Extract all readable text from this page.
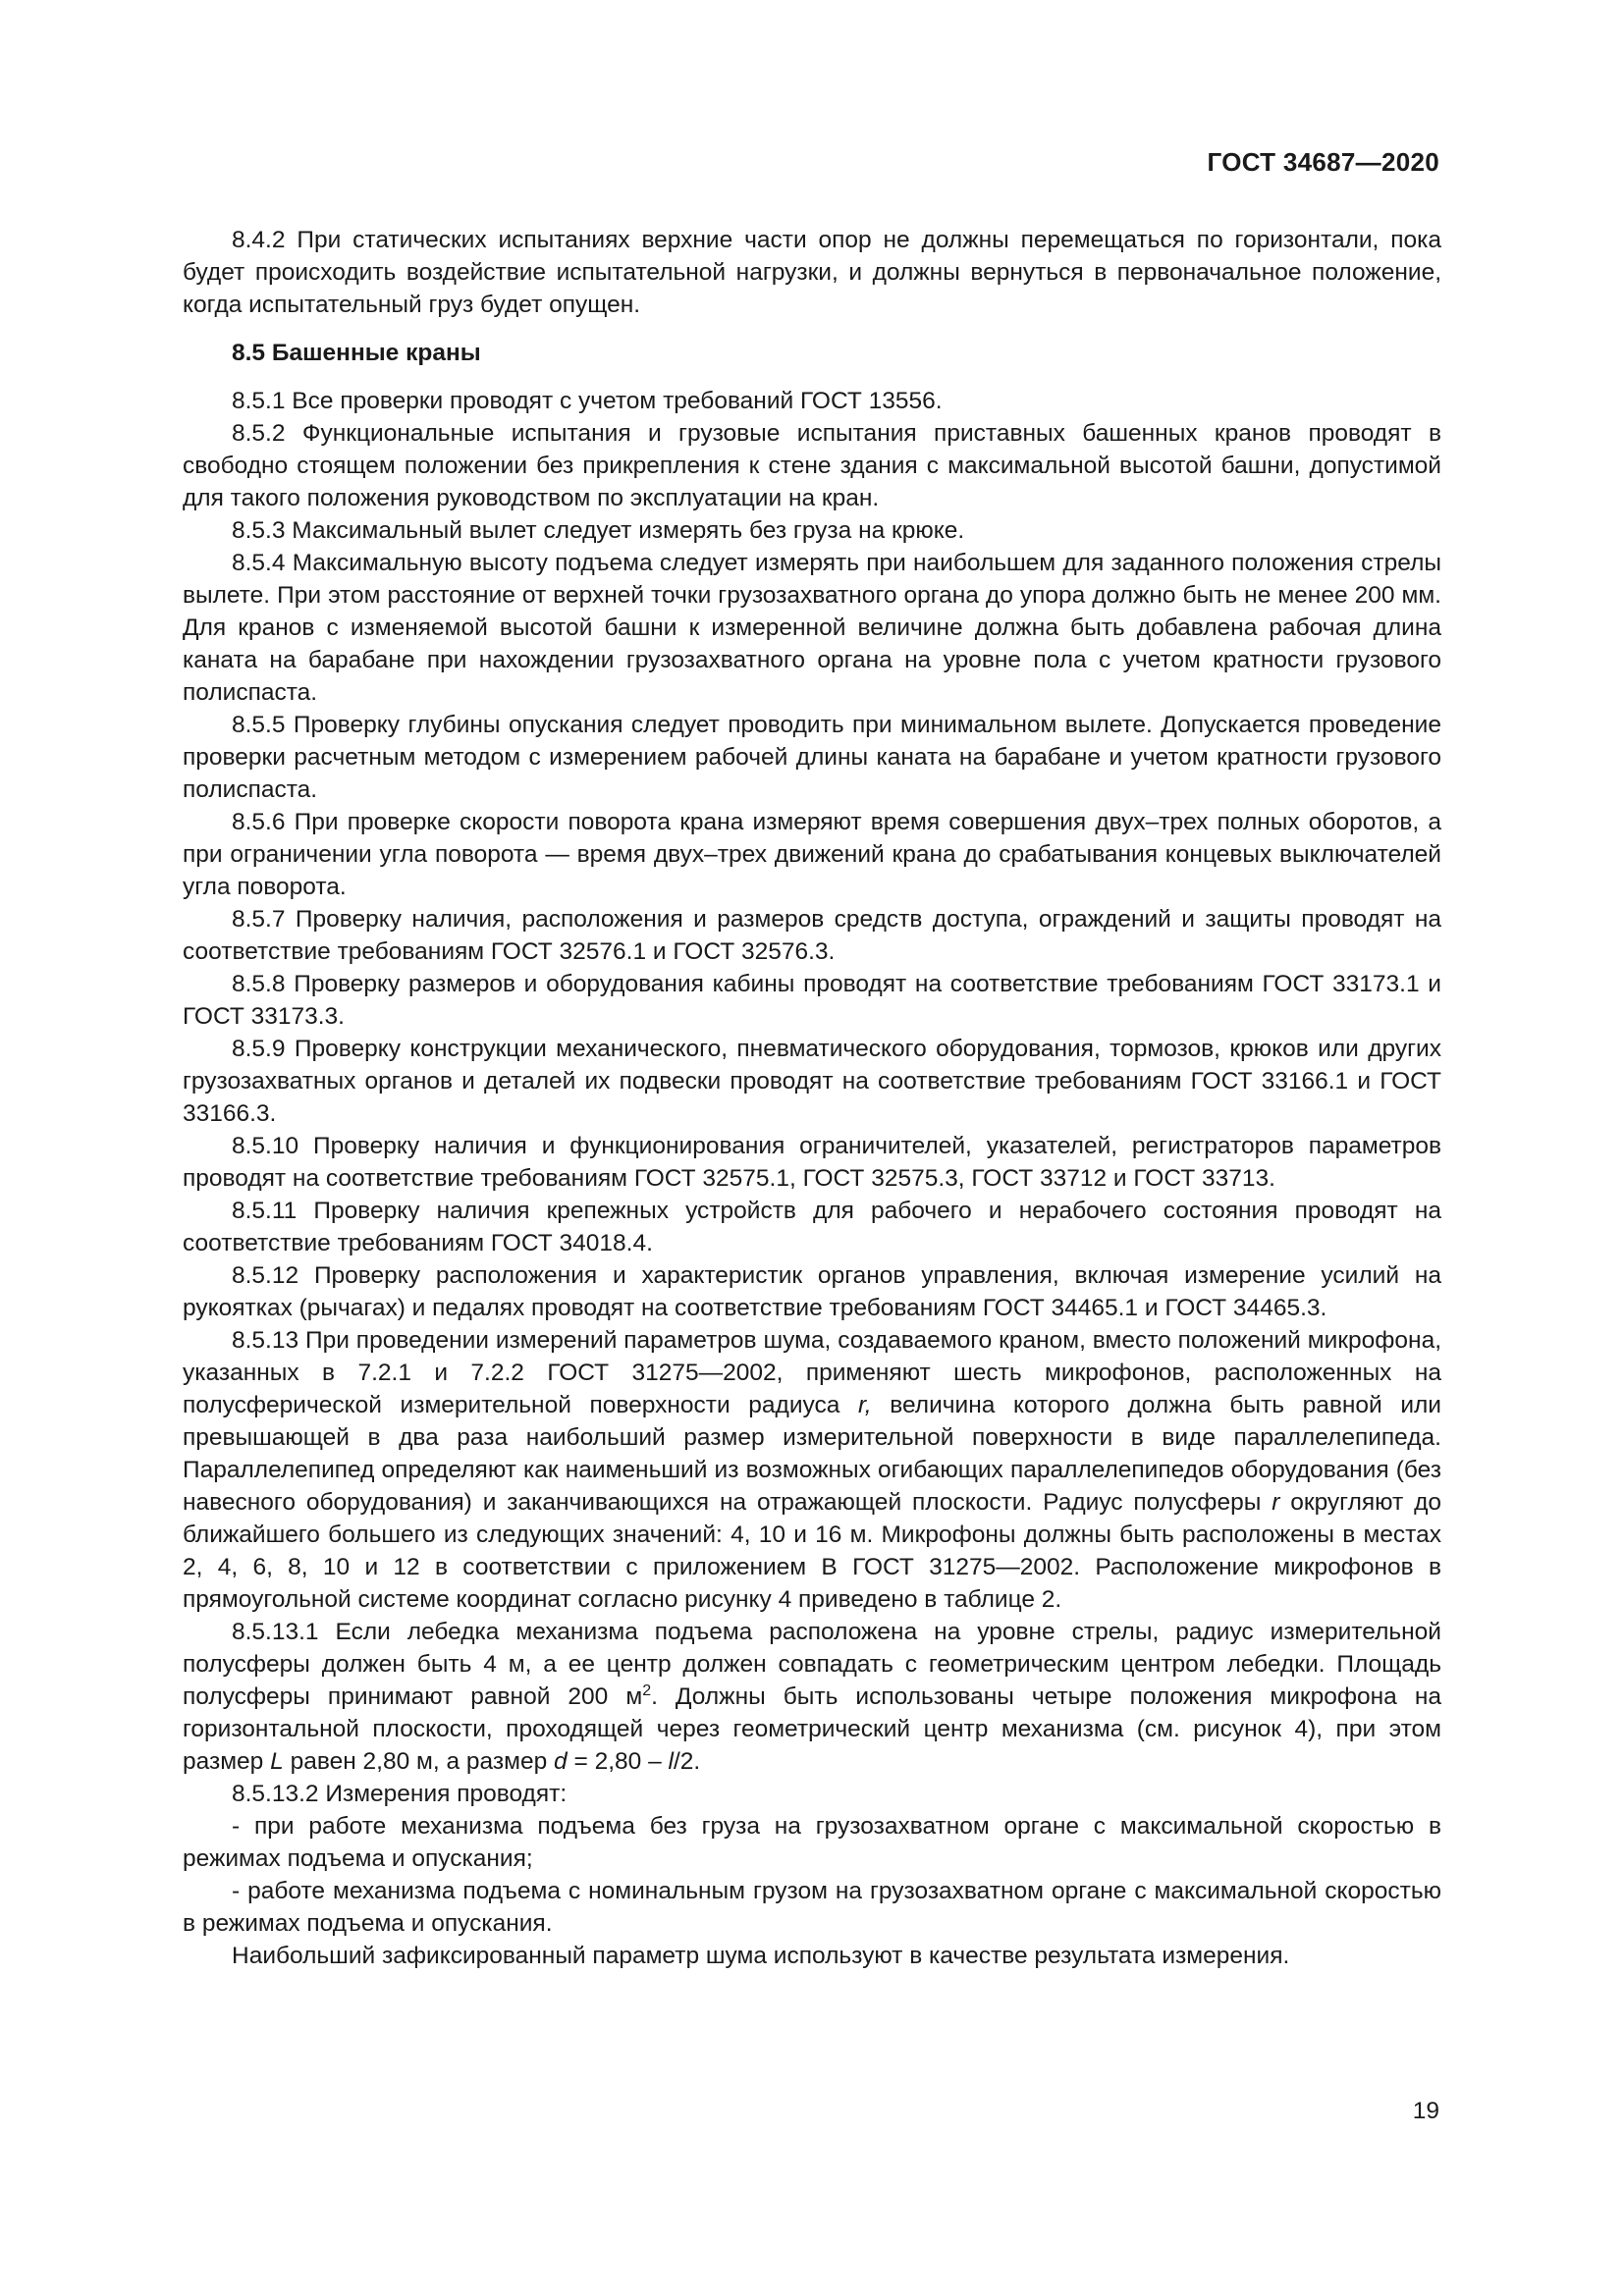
ГОСТ 34687—2020

8.4.2 При статических испытаниях верхние части опор не должны перемещаться по горизонтали, пока будет происходить воздействие испытательной нагрузки, и должны вернуться в первоначальное положение, когда испытательный груз будет опущен.

8.5 Башенные краны

8.5.1 Все проверки проводят с учетом требований ГОСТ 13556.

8.5.2 Функциональные испытания и грузовые испытания приставных башенных кранов проводят в свободно стоящем положении без прикрепления к стене здания с максимальной высотой башни, допустимой для такого положения руководством по эксплуатации на кран.

8.5.3 Максимальный вылет следует измерять без груза на крюке.

8.5.4 Максимальную высоту подъема следует измерять при наибольшем для заданного положения стрелы вылете. При этом расстояние от верхней точки грузозахватного органа до упора должно быть не менее 200 мм. Для кранов с изменяемой высотой башни к измеренной величине должна быть добавлена рабочая длина каната на барабане при нахождении грузозахватного органа на уровне пола с учетом кратности грузового полиспаста.

8.5.5 Проверку глубины опускания следует проводить при минимальном вылете. Допускается проведение проверки расчетным методом с измерением рабочей длины каната на барабане и учетом кратности грузового полиспаста.

8.5.6 При проверке скорости поворота крана измеряют время совершения двух–трех полных оборотов, а при ограничении угла поворота — время двух–трех движений крана до срабатывания концевых выключателей угла поворота.

8.5.7 Проверку наличия, расположения и размеров средств доступа, ограждений и защиты проводят на соответствие требованиям ГОСТ 32576.1 и ГОСТ 32576.3.

8.5.8 Проверку размеров и оборудования кабины проводят на соответствие требованиям ГОСТ 33173.1 и ГОСТ 33173.3.

8.5.9 Проверку конструкции механического, пневматического оборудования, тормозов, крюков или других грузозахватных органов и деталей их подвески проводят на соответствие требованиям ГОСТ 33166.1 и ГОСТ 33166.3.

8.5.10 Проверку наличия и функционирования ограничителей, указателей, регистраторов параметров проводят на соответствие требованиям ГОСТ 32575.1, ГОСТ 32575.3, ГОСТ 33712 и ГОСТ 33713.

8.5.11 Проверку наличия крепежных устройств для рабочего и нерабочего состояния проводят на соответствие требованиям ГОСТ 34018.4.

8.5.12 Проверку расположения и характеристик органов управления, включая измерение усилий на рукоятках (рычагах) и педалях проводят на соответствие требованиям ГОСТ 34465.1 и ГОСТ 34465.3.

8.5.13 При проведении измерений параметров шума, создаваемого краном, вместо положений микрофона, указанных в 7.2.1 и 7.2.2 ГОСТ 31275—2002, применяют шесть микрофонов, расположенных на полусферической измерительной поверхности радиуса r, величина которого должна быть равной или превышающей в два раза наибольший размер измерительной поверхности в виде параллелепипеда. Параллелепипед определяют как наименьший из возможных огибающих параллелепипедов оборудования (без навесного оборудования) и заканчивающихся на отражающей плоскости. Радиус полусферы r округляют до ближайшего большего из следующих значений: 4, 10 и 16 м. Микрофоны должны быть расположены в местах 2, 4, 6, 8, 10 и 12 в соответствии с приложением В ГОСТ 31275—2002. Расположение микрофонов в прямоугольной системе координат согласно рисунку 4 приведено в таблице 2.

8.5.13.1 Если лебедка механизма подъема расположена на уровне стрелы, радиус измерительной полусферы должен быть 4 м, а ее центр должен совпадать с геометрическим центром лебедки. Площадь полусферы принимают равной 200 $м^2$. Должны быть использованы четыре положения микрофона на горизонтальной плоскости, проходящей через геометрический центр механизма (см. рисунок 4), при этом размер L равен 2,80 м, а размер d = 2,80 – l/2.

8.5.13.2 Измерения проводят:

- при работе механизма подъема без груза на грузозахватном органе с максимальной скоростью в режимах подъема и опускания;

- работе механизма подъема с номинальным грузом на грузозахватном органе с максимальной скоростью в режимах подъема и опускания.

Наибольший зафиксированный параметр шума используют в качестве результата измерения.

19
